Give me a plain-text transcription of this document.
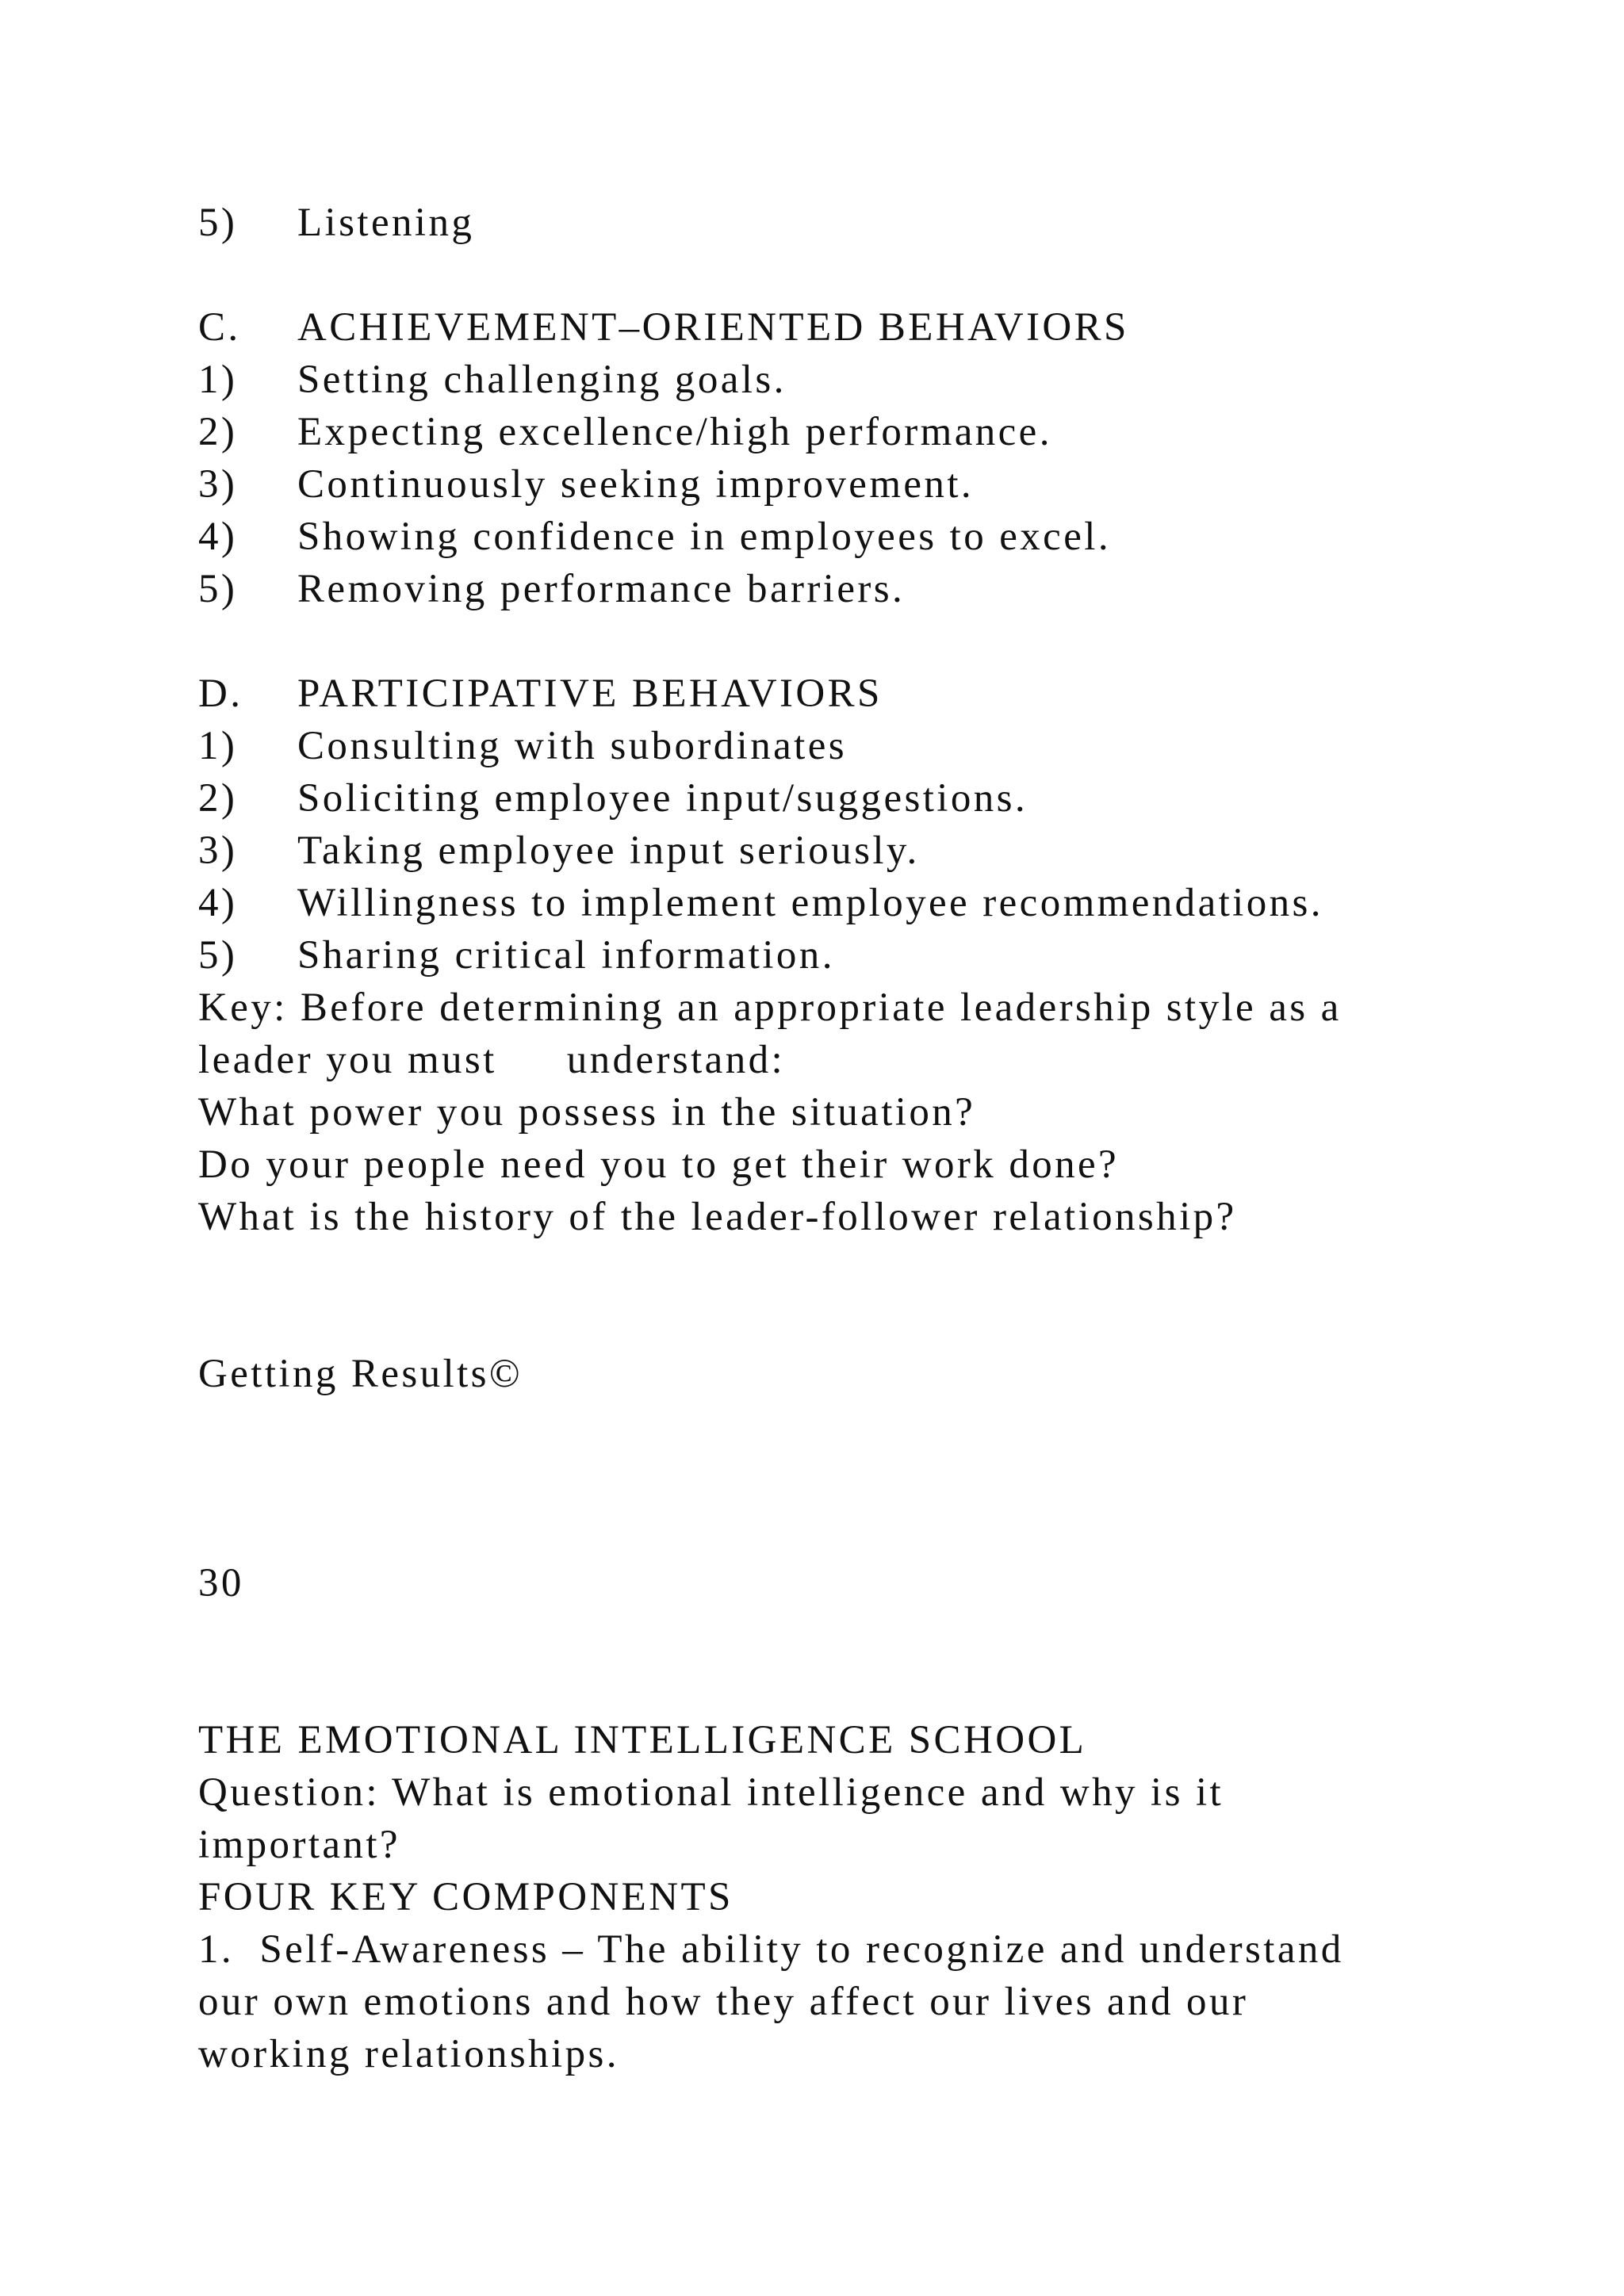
5)

Listening

C.

ACHIEVEMENT–ORIENTED BEHAVIORS

1)

Setting challenging goals.

2)

Expecting excellence/high performance.

3)

Continuously seeking improvement.

4)

Showing confidence in employees to excel.

5)

Removing performance barriers.

D.

PARTICIPATIVE BEHAVIORS

1)

Consulting with subordinates

2)

Soliciting employee input/suggestions.

3)

Taking employee input seriously.

4)

Willingness to implement employee recommendations.

5)

Sharing critical information.

Key: Before determining an appropriate leadership style as a
leader you must understand:
What power you possess in the situation?
Do your people need you to get their work done?
What is the history of the leader-follower relationship?
Getting Results©
30
THE EMOTIONAL INTELLIGENCE SCHOOL
Question: What is emotional intelligence and why is it
important?
FOUR KEY COMPONENTS
1.  Self-Awareness – The ability to recognize and understand
our own emotions and how they affect our lives and our
working relationships.
